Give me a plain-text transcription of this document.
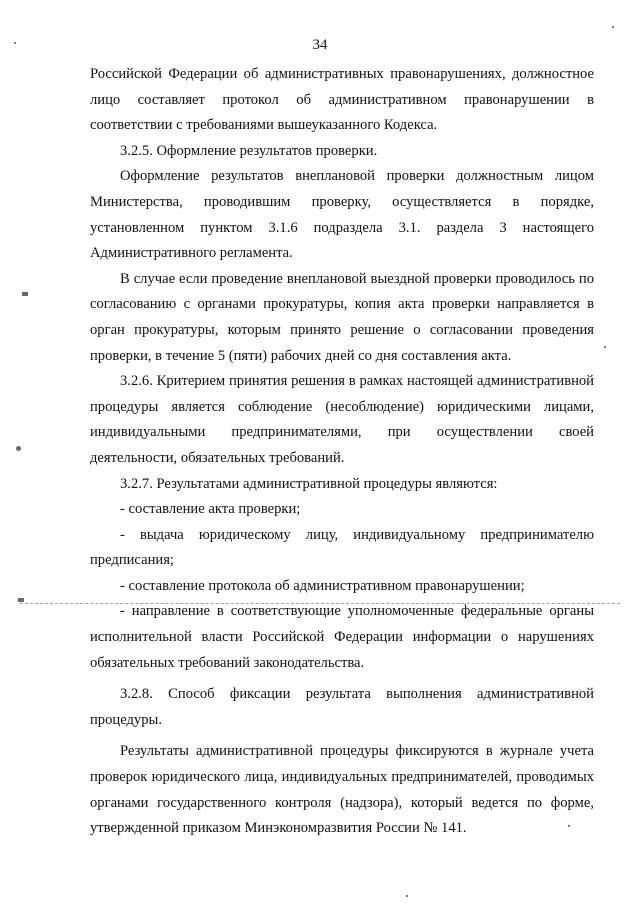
34

Российской Федерации об административных правонарушениях, должностное лицо составляет протокол об административном правонарушении в соответствии с требованиями вышеуказанного Кодекса.

3.2.5. Оформление результатов проверки.

Оформление результатов внеплановой проверки должностным лицом Министерства, проводившим проверку, осуществляется в порядке, установленном пунктом 3.1.6 подраздела 3.1. раздела 3 настоящего Административного регламента.

В случае если проведение внеплановой выездной проверки проводилось по согласованию с органами прокуратуры, копия акта проверки направляется в орган прокуратуры, которым принято решение о согласовании проведения проверки, в течение 5 (пяти) рабочих дней со дня составления акта.

3.2.6. Критерием принятия решения в рамках настоящей административной процедуры является соблюдение (несоблюдение) юридическими лицами, индивидуальными предпринимателями, при осуществлении своей деятельности, обязательных требований.

3.2.7. Результатами административной процедуры являются:

- составление акта проверки;

- выдача юридическому лицу, индивидуальному предпринимателю предписания;

- составление протокола об административном правонарушении;

- направление в соответствующие уполномоченные федеральные органы исполнительной власти Российской Федерации информации о нарушениях обязательных требований законодательства.

3.2.8. Способ фиксации результата выполнения административной процедуры.

Результаты административной процедуры фиксируются в журнале учета проверок юридического лица, индивидуальных предпринимателей, проводимых органами государственного контроля (надзора), который ведется по форме, утвержденной приказом Минэкономразвития России № 141.
